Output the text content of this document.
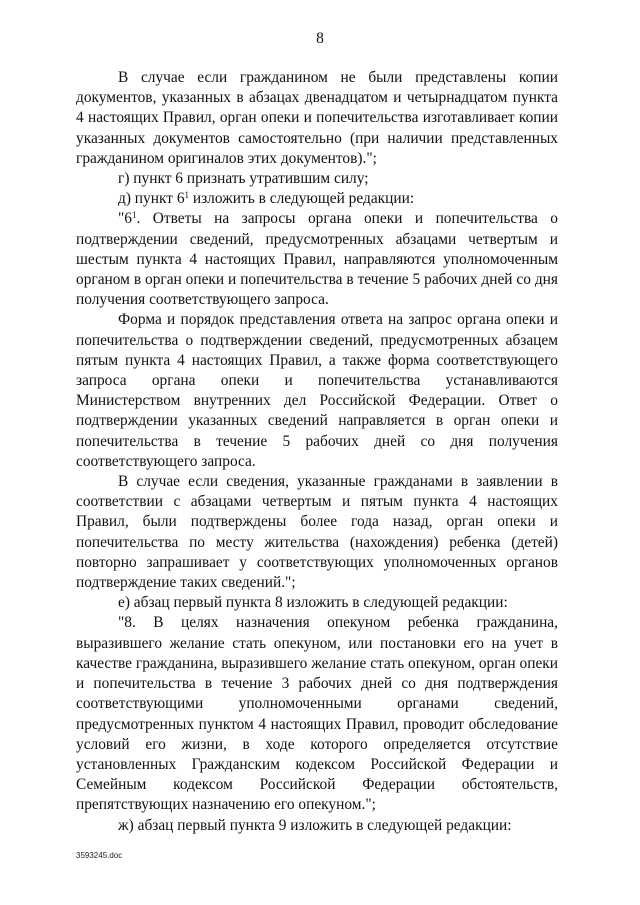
8

В случае если гражданином не были представлены копии документов, указанных в абзацах двенадцатом и четырнадцатом пункта 4 настоящих Правил, орган опеки и попечительства изготавливает копии указанных документов самостоятельно (при наличии представленных гражданином оригиналов этих документов).";

г) пункт 6 признать утратившим силу;

д) пункт $6^1$ изложить в следующей редакции:

"$6^1$. Ответы на запросы органа опеки и попечительства о подтверждении сведений, предусмотренных абзацами четвертым и шестым пункта 4 настоящих Правил, направляются уполномоченным органом в орган опеки и попечительства в течение 5 рабочих дней со дня получения соответствующего запроса.

Форма и порядок представления ответа на запрос органа опеки и попечительства о подтверждении сведений, предусмотренных абзацем пятым пункта 4 настоящих Правил, а также форма соответствующего запроса органа опеки и попечительства устанавливаются Министерством внутренних дел Российской Федерации. Ответ о подтверждении указанных сведений направляется в орган опеки и попечительства в течение 5 рабочих дней со дня получения соответствующего запроса.

В случае если сведения, указанные гражданами в заявлении в соответствии с абзацами четвертым и пятым пункта 4 настоящих Правил, были подтверждены более года назад, орган опеки и попечительства по месту жительства (нахождения) ребенка (детей) повторно запрашивает у соответствующих уполномоченных органов подтверждение таких сведений.";

е) абзац первый пункта 8 изложить в следующей редакции:

"8. В целях назначения опекуном ребенка гражданина, выразившего желание стать опекуном, или постановки его на учет в качестве гражданина, выразившего желание стать опекуном, орган опеки и попечительства в течение 3 рабочих дней со дня подтверждения соответствующими уполномоченными органами сведений, предусмотренных пунктом 4 настоящих Правил, проводит обследование условий его жизни, в ходе которого определяется отсутствие установленных Гражданским кодексом Российской Федерации и Семейным кодексом Российской Федерации обстоятельств, препятствующих назначению его опекуном.";

ж) абзац первый пункта 9 изложить в следующей редакции:

3593245.doc
